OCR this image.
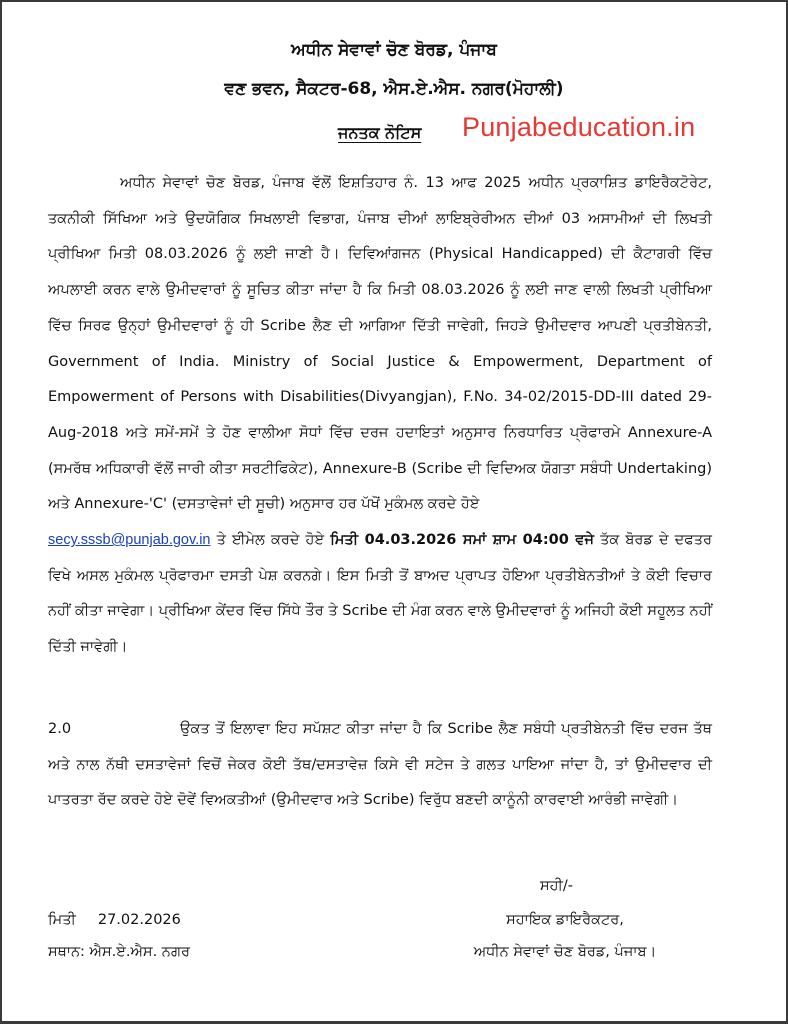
ਅਧੀਨ ਸੇਵਾਵਾਂ ਚੋਣ ਬੋਰਡ, ਪੰਜਾਬ
ਵਣ ਭਵਨ, ਸੈਕਟਰ-68, ਐਸ.ਏ.ਐਸ. ਨਗਰ(ਮੋਹਾਲੀ)
ਜਨਤਕ ਨੋਟਿਸ Punjabeducation.in
ਅਧੀਨ ਸੇਵਾਵਾਂ ਚੋਣ ਬੋਰਡ, ਪੰਜਾਬ ਵੱਲੋਂ ਇਸ਼ਤਿਹਾਰ ਨੰ. 13 ਆਫ 2025 ਅਧੀਨ ਪ੍ਰਕਾਸ਼ਿਤ ਡਾਇਰੈਕਟੋਰੇਟ, ਤਕਨੀਕੀ ਸਿੱਖਿਆ ਅਤੇ ਉਦਯੋਗਿਕ ਸਿਖਲਾਈ ਵਿਭਾਗ, ਪੰਜਾਬ ਦੀਆਂ ਲਾਇਬ੍ਰੇਰੀਅਨ ਦੀਆਂ 03 ਅਸਾਮੀਆਂ ਦੀ ਲਿਖਤੀ ਪ੍ਰੀਖਿਆ ਮਿਤੀ 08.03.2026 ਨੂੰ ਲਈ ਜਾਣੀ ਹੈ। ਦਿਵਿਆਂਗਜਨ (Physical Handicapped) ਦੀ ਕੈਟਾਗਰੀ ਵਿੱਚ ਅਪਲਾਈ ਕਰਨ ਵਾਲੇ ਉਮੀਦਵਾਰਾਂ ਨੂੰ ਸੂਚਿਤ ਕੀਤਾ ਜਾਂਦਾ ਹੈ ਕਿ ਮਿਤੀ 08.03.2026 ਨੂੰ ਲਈ ਜਾਣ ਵਾਲੀ ਲਿਖਤੀ ਪ੍ਰੀਖਿਆ ਵਿੱਚ ਸਿਰਫ ਉਨ੍ਹਾਂ ਉਮੀਦਵਾਰਾਂ ਨੂੰ ਹੀ Scribe ਲੈਣ ਦੀ ਆਗਿਆ ਦਿੱਤੀ ਜਾਵੇਗੀ, ਜਿਹੜੇ ਉਮੀਦਵਾਰ ਆਪਣੀ ਪ੍ਰਤੀਬੇਨਤੀ, Government of India. Ministry of Social Justice & Empowerment, Department of Empowerment of Persons with Disabilities(Divyangjan), F.No. 34-02/2015-DD-III dated 29-Aug-2018 ਅਤੇ ਸਮੇਂ-ਸਮੇਂ ਤੇ ਹੋਣ ਵਾਲੀਆ ਸੋਧਾਂ ਵਿੱਚ ਦਰਜ ਹਦਾਇਤਾਂ ਅਨੁਸਾਰ ਨਿਰਧਾਰਿਤ ਪ੍ਰੋਫਾਰਮੇ Annexure-A (ਸਮਰੱਥ ਅਧਿਕਾਰੀ ਵੱਲੋਂ ਜਾਰੀ ਕੀਤਾ ਸਰਟੀਫਿਕੇਟ), Annexure-B (Scribe ਦੀ ਵਿਦਿਅਕ ਯੋਗਤਾ ਸਬੰਧੀ Undertaking) ਅਤੇ Annexure-'C' (ਦਸਤਾਵੇਜਾਂ ਦੀ ਸੂਚੀ) ਅਨੁਸਾਰ ਹਰ ਪੱਖੋਂ ਮੁਕੰਮਲ ਕਰਦੇ ਹੋਏ
secy.sssb@punjab.gov.in ਤੇ ਈਮੇਲ ਕਰਦੇ ਹੋਏ ਮਿਤੀ 04.03.2026 ਸਮਾਂ ਸ਼ਾਮ 04:00 ਵਜੇ ਤੱਕ ਬੋਰਡ ਦੇ ਦਫਤਰ ਵਿਖੇ ਅਸਲ ਮੁਕੰਮਲ ਪ੍ਰੋਫਾਰਮਾ ਦਸਤੀ ਪੇਸ਼ ਕਰਨਗੇ। ਇਸ ਮਿਤੀ ਤੋਂ ਬਾਅਦ ਪ੍ਰਾਪਤ ਹੋਇਆ ਪ੍ਰਤੀਬੇਨਤੀਆਂ ਤੇ ਕੋਈ ਵਿਚਾਰ ਨਹੀਂ ਕੀਤਾ ਜਾਵੇਗਾ। ਪ੍ਰੀਖਿਆ ਕੇਂਦਰ ਵਿੱਚ ਸਿੱਧੇ ਤੌਰ ਤੇ Scribe ਦੀ ਮੰਗ ਕਰਨ ਵਾਲੇ ਉਮੀਦਵਾਰਾਂ ਨੂੰ ਅਜਿਹੀ ਕੋਈ ਸਹੂਲਤ ਨਹੀਂ ਦਿੱਤੀ ਜਾਵੇਗੀ।
2.0	ਉਕਤ ਤੋਂ ਇਲਾਵਾ ਇਹ ਸਪੱਸ਼ਟ ਕੀਤਾ ਜਾਂਦਾ ਹੈ ਕਿ Scribe ਲੈਣ ਸਬੰਧੀ ਪ੍ਰਤੀਬੇਨਤੀ ਵਿੱਚ ਦਰਜ ਤੱਥ ਅਤੇ ਨਾਲ ਨੱਥੀ ਦਸਤਾਵੇਜਾਂ ਵਿਚੋਂ ਜੇਕਰ ਕੋਈ ਤੱਥ/ਦਸਤਾਵੇਜ਼ ਕਿਸੇ ਵੀ ਸਟੇਜ ਤੇ ਗਲਤ ਪਾਇਆ ਜਾਂਦਾ ਹੈ, ਤਾਂ ਉਮੀਦਵਾਰ ਦੀ ਪਾਤਰਤਾ ਰੱਦ ਕਰਦੇ ਹੋਏ ਦੋਵੇਂ ਵਿਅਕਤੀਆਂ (ਉਮੀਦਵਾਰ ਅਤੇ Scribe) ਵਿਰੁੱਧ ਬਣਦੀ ਕਾਨੂੰਨੀ ਕਾਰਵਾਈ ਆਰੰਭੀ ਜਾਵੇਗੀ।
ਸਹੀ/-
ਮਿਤੀ 27.02.2026
ਸਥਾਨ: ਐਸ.ਏ.ਐਸ. ਨਗਰ
ਸਹਾਇਕ ਡਾਇਰੈਕਟਰ,
ਅਧੀਨ ਸੇਵਾਵਾਂ ਚੋਣ ਬੋਰਡ, ਪੰਜਾਬ।
